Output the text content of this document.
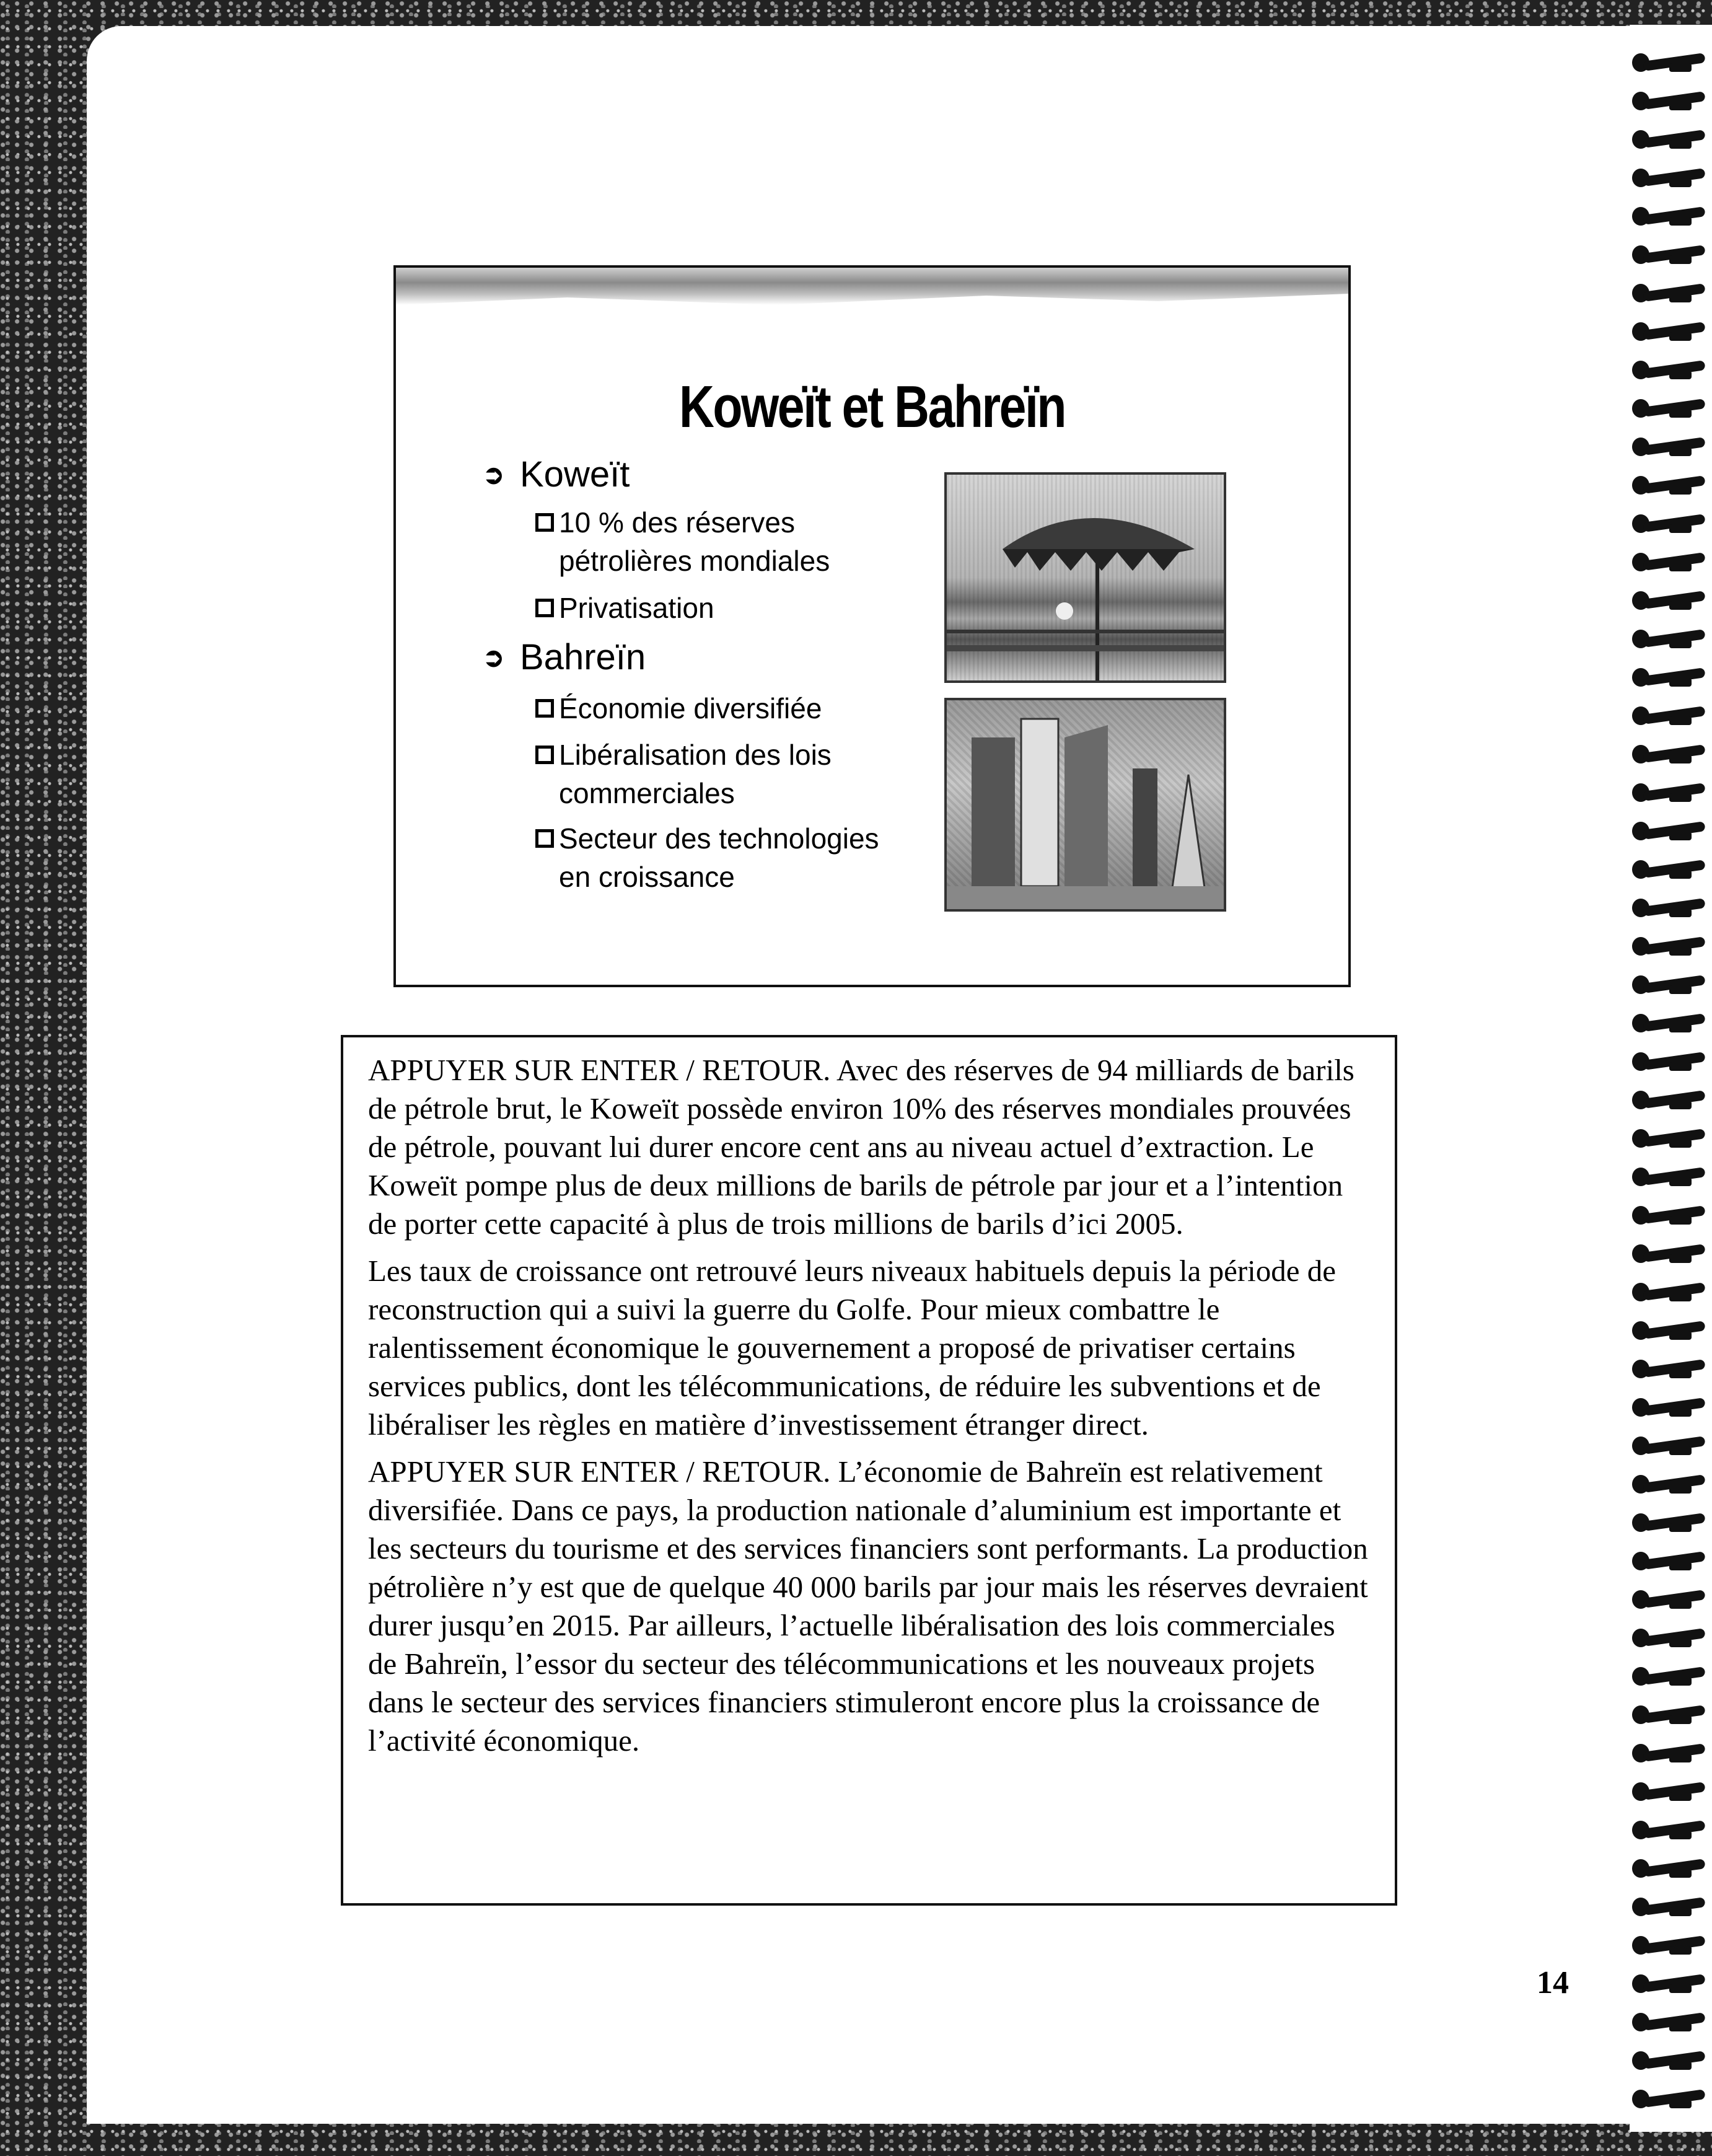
Koweït et Bahreïn
➲ Koweït
10 % des réserves
pétrolières mondiales
Privatisation
➲ Bahreïn
Économie diversifiée
Libéralisation des lois
commerciales
Secteur des technologies
en croissance

APPUYER SUR ENTER / RETOUR. Avec des réserves de 94 milliards de barils de pétrole brut, le Koweït possède environ 10% des réserves mondiales prouvées de pétrole, pouvant lui durer encore cent ans au niveau actuel d’extraction. Le Koweït pompe plus de deux millions de barils de pétrole par jour et a l’intention de porter cette capacité à plus de trois millions de barils d’ici 2005.

Les taux de croissance ont retrouvé leurs niveaux habituels depuis la période de reconstruction qui a suivi la guerre du Golfe. Pour mieux combattre le ralentissement économique le gouvernement a proposé de privatiser certains services publics, dont les télécommunications, de réduire les subventions et de libéraliser les règles en matière d’investissement étranger direct.

APPUYER SUR ENTER / RETOUR. L’économie de Bahreïn est relativement diversifiée. Dans ce pays, la production nationale d’aluminium est importante et les secteurs du tourisme et des services financiers sont performants. La production pétrolière n’y est que de quelque 40 000 barils par jour mais les réserves devraient durer jusqu’en 2015. Par ailleurs, l’actuelle libéralisation des lois commerciales de Bahreïn, l’essor du secteur des télécommunications et les nouveaux projets dans le secteur des services financiers stimuleront encore plus la croissance de l’activité économique.

14
